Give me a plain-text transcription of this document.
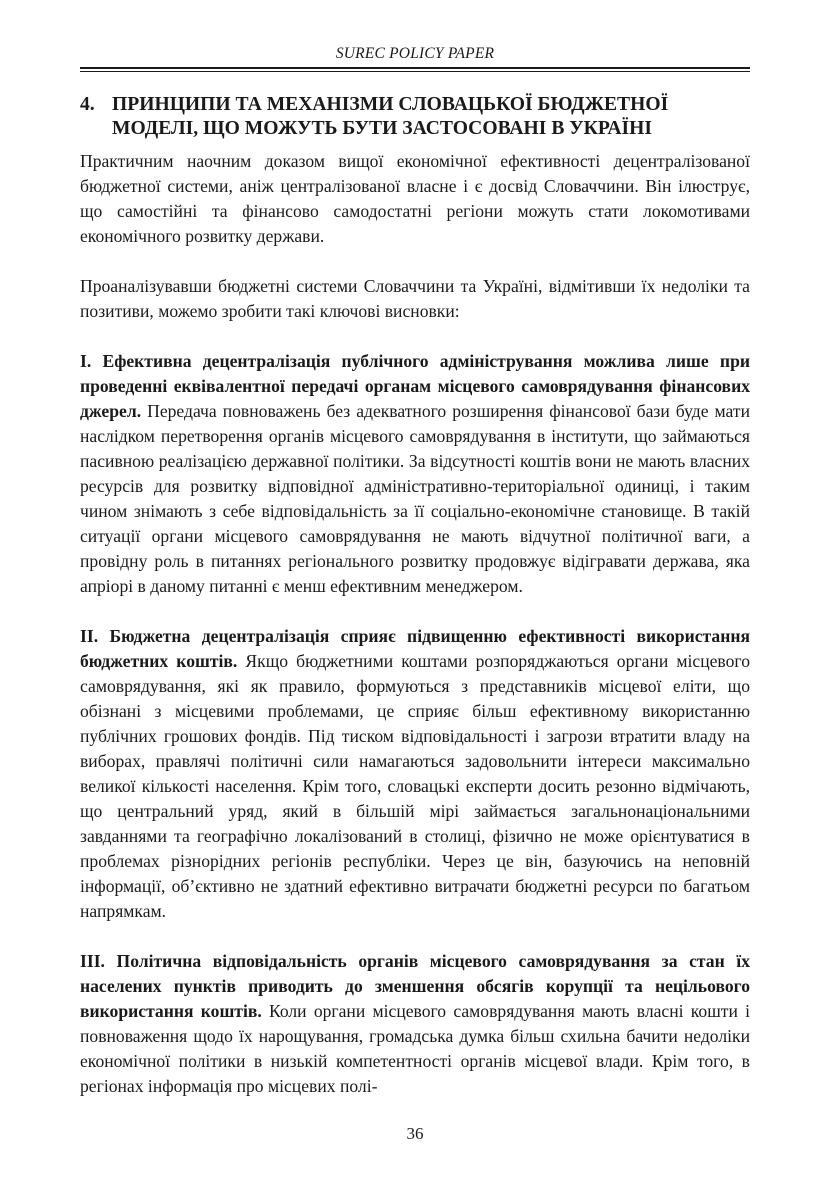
SUREC POLICY PAPER
4. ПРИНЦИПИ ТА МЕХАНІЗМИ СЛОВАЦЬКОЇ БЮДЖЕТНОЇ МОДЕЛІ, ЩО МОЖУТЬ БУТИ ЗАСТОСОВАНІ В УКРАЇНІ

Практичним наочним доказом вищої економічної ефективності децентралізованої бюджетної системи, аніж централізованої власне і є досвід Словаччини. Він ілюструє, що самостійні та фінансово самодостатні регіони можуть стати локомотивами економічного розвитку держави.

Проаналізувавши бюджетні системи Словаччини та Україні, відмітивши їх недоліки та позитиви, можемо зробити такі ключові висновки:

I. Ефективна децентралізація публічного адміністрування можлива лише при проведенні еквівалентної передачі органам місцевого самоврядування фінансових джерел. Передача повноважень без адекватного розширення фінансової бази буде мати наслідком перетворення органів місцевого самоврядування в інститути, що займаються пасивною реалізацією державної політики. За відсутності коштів вони не мають власних ресурсів для розвитку відповідної адміністративно-територіальної одиниці, і таким чином знімають з себе відповідальність за її соціально-економічне становище. В такій ситуації органи місцевого самоврядування не мають відчутної політичної ваги, а провідну роль в питаннях регіонального розвитку продовжує відігравати держава, яка апріорі в даному питанні є менш ефективним менеджером.

II. Бюджетна децентралізація сприяє підвищенню ефективності використання бюджетних коштів. Якщо бюджетними коштами розпоряджаються органи місцевого самоврядування, які як правило, формуються з представників місцевої еліти, що обізнані з місцевими проблемами, це сприяє більш ефективному використанню публічних грошових фондів. Під тиском відповідальності і загрози втратити владу на виборах, правлячі політичні сили намагаються задовольнити інтереси максимально великої кількості населення. Крім того, словацькі експерти досить резонно відмічають, що центральний уряд, який в більшій мірі займається загальнонаціональними завданнями та географічно локалізований в столиці, фізично не може орієнтуватися в проблемах різнорідних регіонів республіки. Через це він, базуючись на неповній інформації, об’єктивно не здатний ефективно витрачати бюджетні ресурси по багатьом напрямкам.

III. Політична відповідальність органів місцевого самоврядування за стан їх населених пунктів приводить до зменшення обсягів корупції та нецільового використання коштів. Коли органи місцевого самоврядування мають власні кошти і повноваження щодо їх нарощування, громадська думка більш схильна бачити недоліки економічної політики в низькій компетентності органів місцевої влади. Крім того, в регіонах інформація про місцевих полі-

36
